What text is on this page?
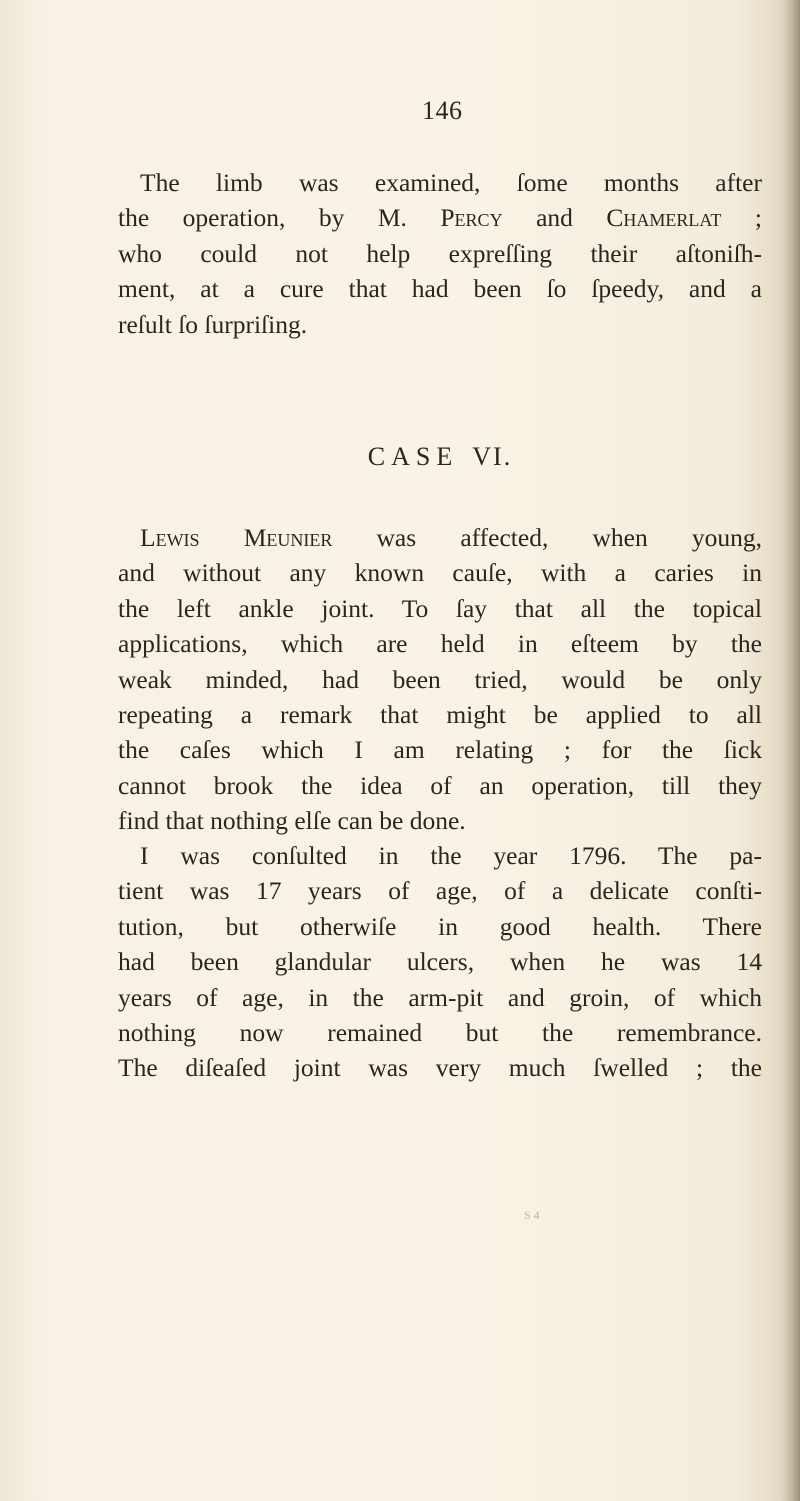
146
The limb was examined, ſome months after
the operation, by M. Percy and Chamerlat ;
who could not help expreſſing their aſtoniſh-
ment, at a cure that had been ſo ſpeedy, and a
reſult ſo ſurpriſing.
CASE VI.
Lewis Meunier was affected, when young,
and without any known cauſe, with a caries in
the left ankle joint. To ſay that all the topical
applications, which are held in eſteem by the
weak minded, had been tried, would be only
repeating a remark that might be applied to all
the caſes which I am relating ; for the ſick
cannot brook the idea of an operation, till they
find that nothing elſe can be done.
I was conſulted in the year 1796. The pa-
tient was 17 years of age, of a delicate conſti-
tution, but otherwiſe in good health. There
had been glandular ulcers, when he was 14
years of age, in the arm-pit and groin, of which
nothing now remained but the remembrance.
The diſeaſed joint was very much ſwelled ; the
S 4
